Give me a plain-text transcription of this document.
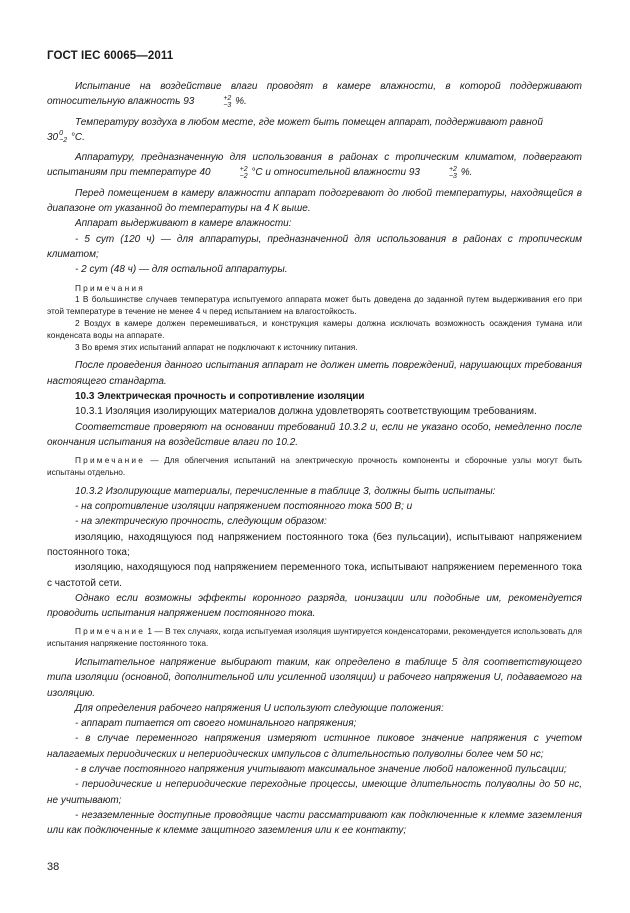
ГОСТ IEC 60065—2011

Испытание на воздействие влаги проводят в камере влажности, в которой поддерживают относительную влажность 93	+2
−3 %.

Температуру воздуха в любом месте, где может быть помещен аппарат, поддерживают равной

30 0
−2 °C.

Аппаратуру, предназначенную для использования в районах с тропическим климатом, подвергают испытаниям при температуре 40	+2
−2 °C и относительной влажности 93	+2
−3 %.

Перед помещением в камеру влажности аппарат подогревают до любой температуры, находящейся в диапазоне от указанной до температуры на 4 К выше.

Аппарат выдерживают в камере влажности:

- 5 сут (120 ч) — для аппаратуры, предназначенной для использования в районах с тропическим климатом;

- 2 сут (48 ч) — для остальной аппаратуры.

Примечания

1 В большинстве случаев температура испытуемого аппарата может быть доведена до заданной путем выдерживания его при этой температуре в течение не менее 4 ч перед испытанием на влагостойкость.

2 Воздух в камере должен перемешиваться, и конструкция камеры должна исключать возможность осаждения тумана или конденсата воды на аппарате.

3 Во время этих испытаний аппарат не подключают к источнику питания.

После проведения данного испытания аппарат не должен иметь повреждений, нарушающих требования настоящего стандарта.

10.3 Электрическая прочность и сопротивление изоляции

10.3.1 Изоляция изолирующих материалов должна удовлетворять соответствующим требованиям.

Соответствие проверяют на основании требований 10.3.2 и, если не указано особо, немедленно после окончания испытания на воздействие влаги по 10.2.

Примечание — Для облегчения испытаний на электрическую прочность компоненты и сборочные узлы могут быть испытаны отдельно.

10.3.2 Изолирующие материалы, перечисленные в таблице 3, должны быть испытаны:

- на сопротивление изоляции напряжением постоянного тока 500 В; и

- на электрическую прочность, следующим образом:

изоляцию, находящуюся под напряжением постоянного тока (без пульсации), испытывают напряжением постоянного тока;

изоляцию, находящуюся под напряжением переменного тока, испытывают напряжением переменного тока с частотой сети.

Однако если возможны эффекты коронного разряда, ионизации или подобные им, рекомендуется проводить испытания напряжением постоянного тока.

Примечание 1 — В тех случаях, когда испытуемая изоляция шунтируется конденсаторами, рекомендуется использовать для испытания напряжение постоянного тока.

Испытательное напряжение выбирают таким, как определено в таблице 5 для соответствующего типа изоляции (основной, дополнительной или усиленной изоляции) и рабочего напряжения U, подаваемого на изоляцию.

Для определения рабочего напряжения U используют следующие положения:

- аппарат питается от своего номинального напряжения;

- в случае переменного напряжения измеряют истинное пиковое значение напряжения с учетом налагаемых периодических и непериодических импульсов с длительностью полуволны более чем 50 нс;

- в случае постоянного напряжения учитывают максимальное значение любой наложенной пульсации;

- периодические и непериодические переходные процессы, имеющие длительность полуволны до 50 нс, не учитывают;

- незаземленные доступные проводящие части рассматривают как подключенные к клемме заземления или как подключенные к клемме защитного заземления или к ее контакту;

38
